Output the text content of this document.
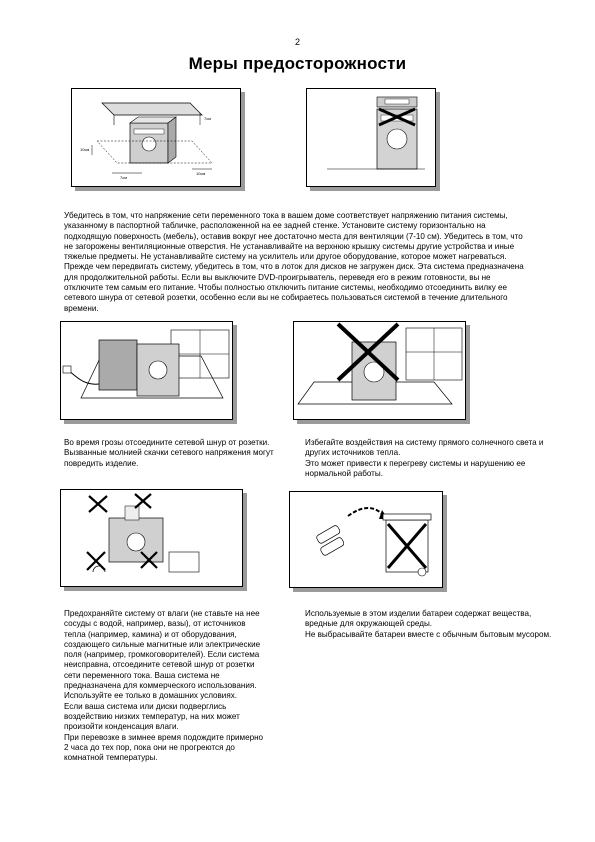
2
Меры предосторожности
7см
10см
7см
10см

Убедитесь в том, что напряжение сети переменного тока в вашем доме соответствует напряжению питания системы, указанному в паспортной табличке, расположенной на ее задней стенке. Установите систему горизонтально на подходящую поверхность (мебель), оставив вокруг нее достаточно места для вентиляции (7-10 см). Убедитесь в том, что не загорожены вентиляционные отверстия. Не устанавливайте на верхнюю крышку системы другие устройства и иные тяжелые предметы. Не устанавливайте систему на усилитель или другое оборудование, которое может нагреваться. Прежде чем передвигать систему, убедитесь в том, что в лоток для дисков не загружен диск. Эта система предназначена для продолжительной работы. Если вы выключите DVD-проигрыватель, переведя его в режим готовности, вы не отключите тем самым его питание. Чтобы полностью отключить питание системы, необходимо отсоединить вилку ее сетевого шнура от сетевой розетки, особенно если вы не собираетесь пользоваться системой в течение длительного времени.

Во время грозы отсоедините сетевой шнур от розетки. Вызванные молнией скачки сетевого напряжения могут повредить изделие.

Избегайте воздействия на систему прямого солнечного света и других источников тепла.

Это может привести к перегреву системы и нарушению ее нормальной работы.

Предохраняйте систему от влаги (не ставьте на нее сосуды с водой, например, вазы), от источников тепла (например, камина) и от оборудования, создающего сильные магнитные или электрические поля (например, громкоговорителей). Если система неисправна, отсоедините сетевой шнур от розетки сети переменного тока. Ваша система не предназначена для коммерческого использования. Используйте ее только в домашних условиях.

Если ваша система или диски подверглись воздействию низких температур, на них может произойти конденсация влаги.

При перевозке в зимнее время подождите примерно 2 часа до тех пор, пока они не прогреются до комнатной температуры.

Используемые в этом изделии батареи содержат вещества, вредные для окружающей среды.

Не выбрасывайте батареи вместе с обычным бытовым мусором.
